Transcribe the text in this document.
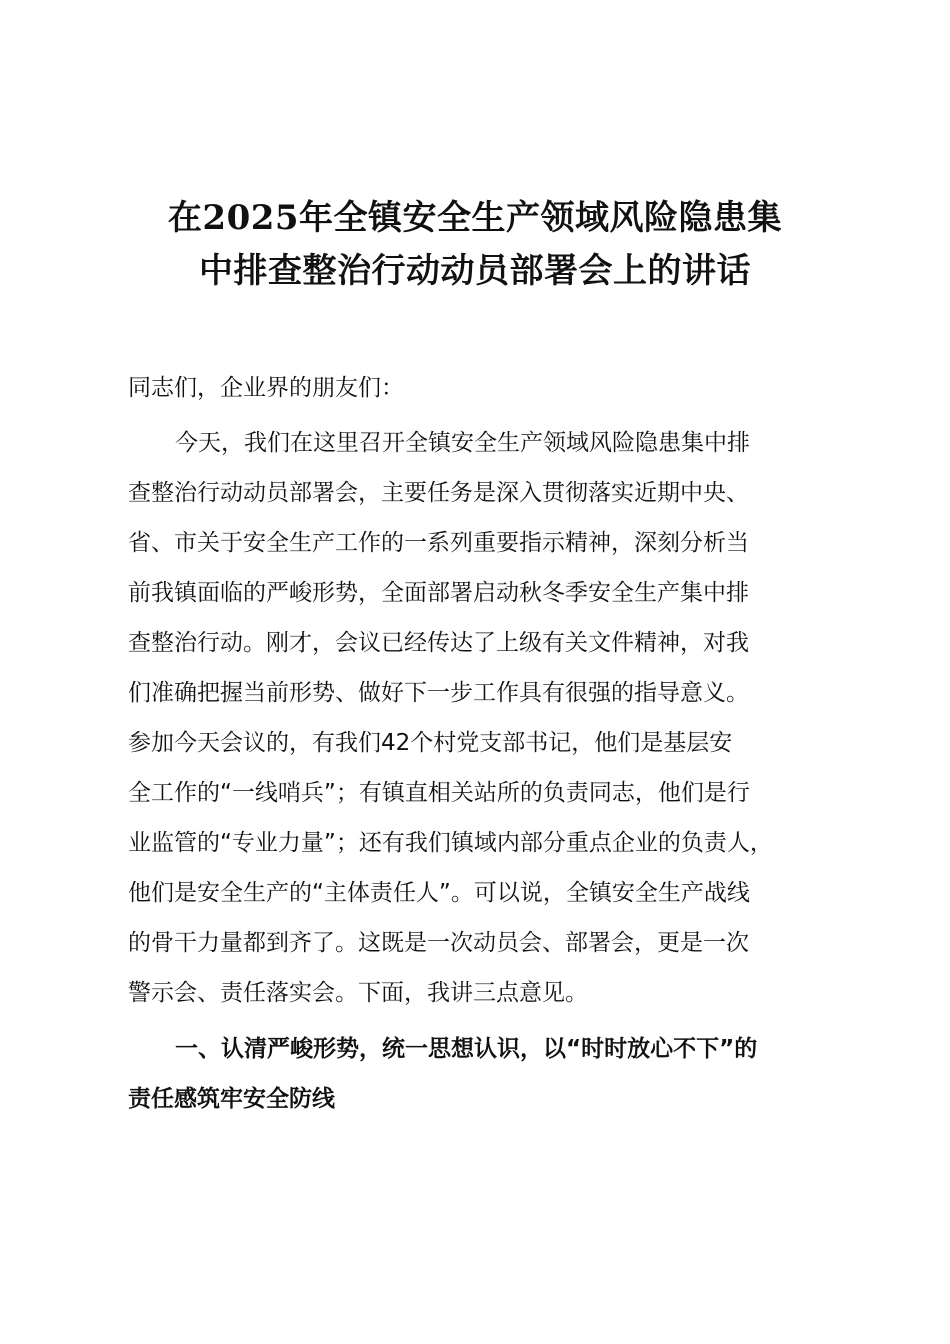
在2025年全镇安全生产领域风险隐患集
中排查整治行动动员部署会上的讲话

同志们，企业界的朋友们：

今天，我们在这里召开全镇安全生产领域风险隐患集中排
查整治行动动员部署会，主要任务是深入贯彻落实近期中央、
省、市关于安全生产工作的一系列重要指示精神，深刻分析当
前我镇面临的严峻形势，全面部署启动秋冬季安全生产集中排
查整治行动。刚才，会议已经传达了上级有关文件精神，对我
们准确把握当前形势、做好下一步工作具有很强的指导意义。
参加今天会议的，有我们42个村党支部书记，他们是基层安
全工作的“一线哨兵”；有镇直相关站所的负责同志，他们是行
业监管的“专业力量”；还有我们镇域内部分重点企业的负责人，
他们是安全生产的“主体责任人”。可以说，全镇安全生产战线
的骨干力量都到齐了。这既是一次动员会、部署会，更是一次
警示会、责任落实会。下面，我讲三点意见。

一、认清严峻形势，统一思想认识，以“时时放心不下”的
责任感筑牢安全防线
